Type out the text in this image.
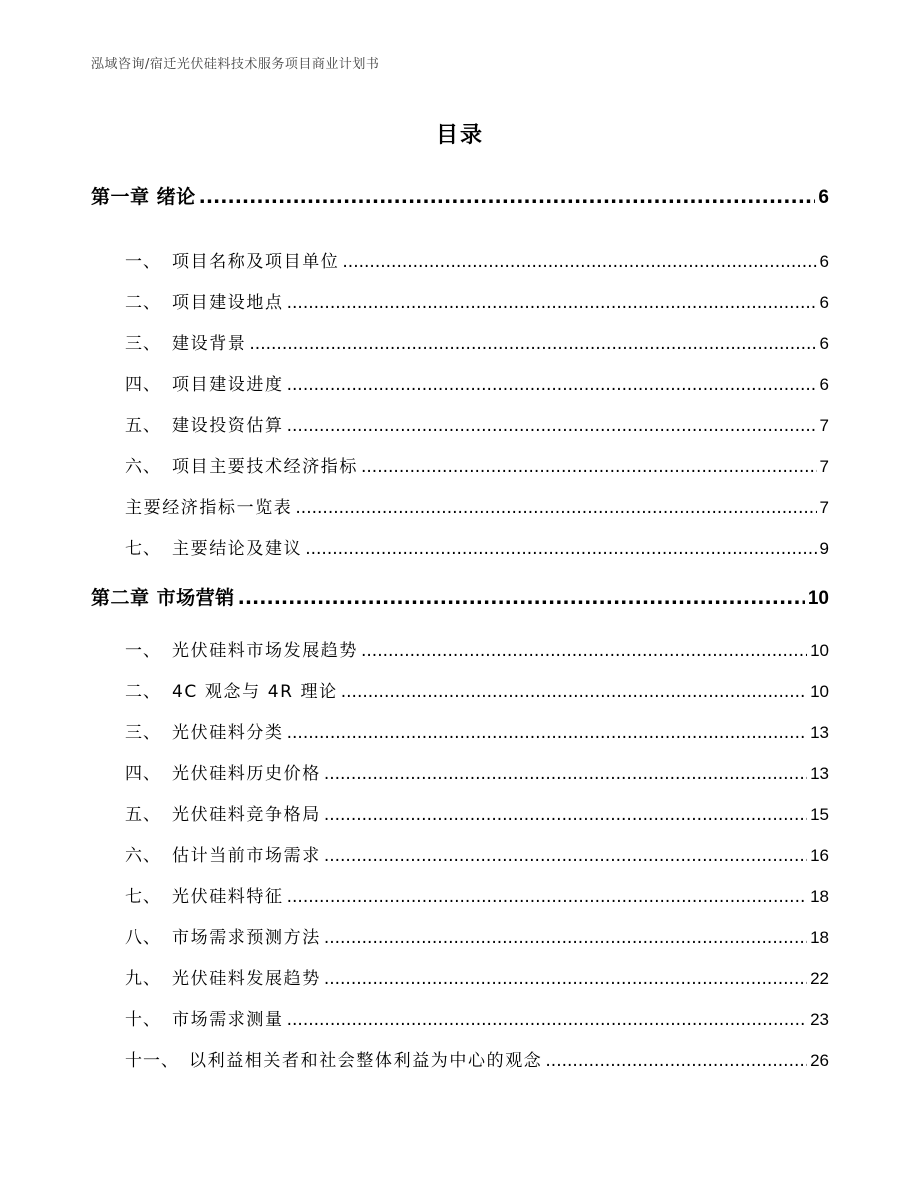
泓域咨询/宿迁光伏硅料技术服务项目商业计划书
目录
第一章 绪论 .....	6
一、 项目名称及项目单位 .....	6
二、 项目建设地点 .....	6
三、 建设背景 .....	6
四、 项目建设进度 .....	6
五、 建设投资估算 .....	7
六、 项目主要技术经济指标 .....	7
主要经济指标一览表 .....	7
七、 主要结论及建议 .....	9
第二章 市场营销 .....	10
一、 光伏硅料市场发展趋势 .....	10
二、 4C 观念与 4R 理论 .....	10
三、 光伏硅料分类 .....	13
四、 光伏硅料历史价格 .....	13
五、 光伏硅料竞争格局 .....	15
六、 估计当前市场需求 .....	16
七、 光伏硅料特征 .....	18
八、 市场需求预测方法 .....	18
九、 光伏硅料发展趋势 .....	22
十、 市场需求测量 .....	23
十一、 以利益相关者和社会整体利益为中心的观念 .....	26
